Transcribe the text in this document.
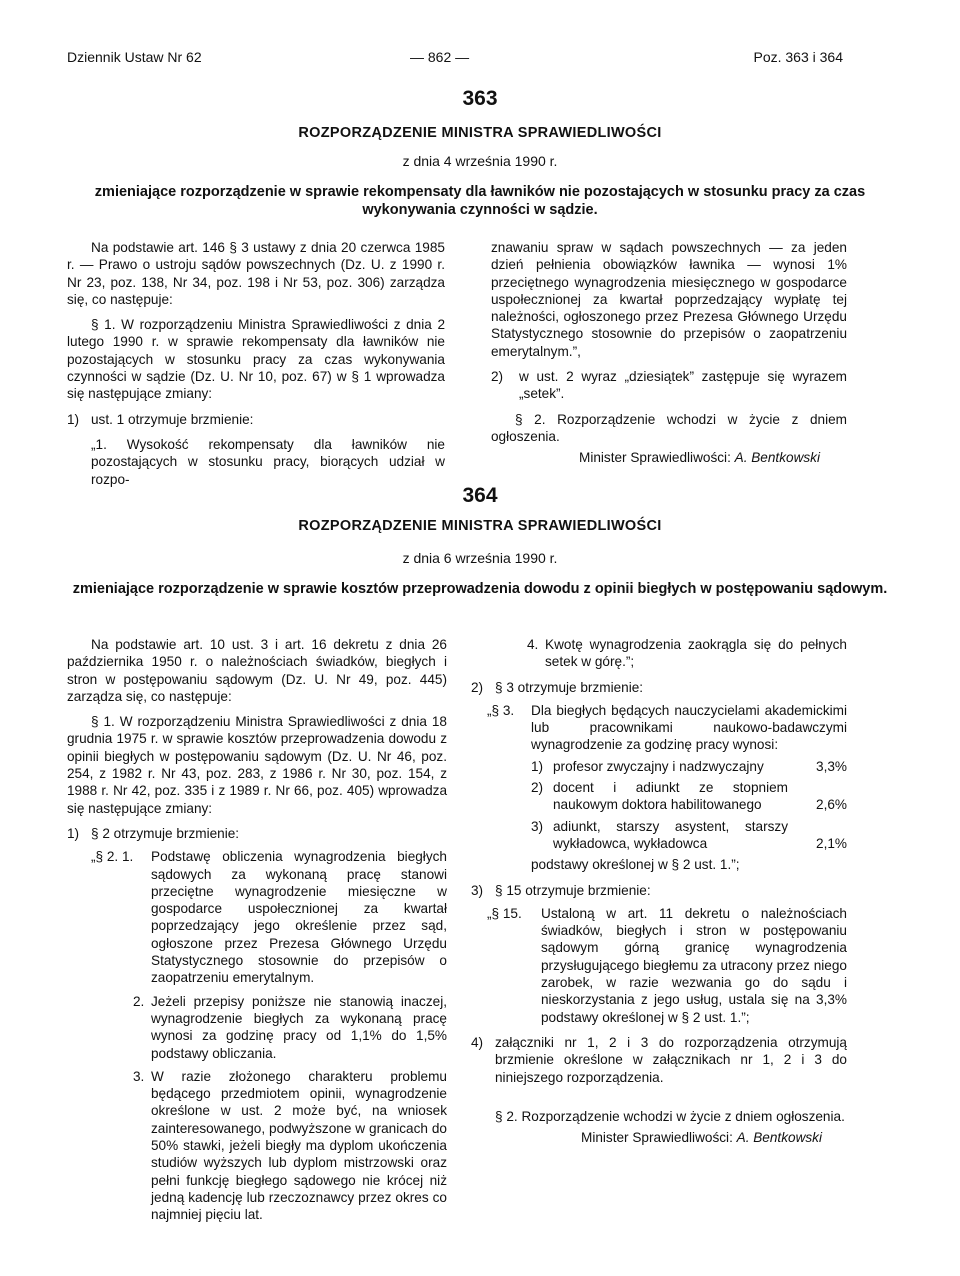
Dziennik Ustaw Nr 62	— 862 —	Poz. 363 i 364
363
ROZPORZĄDZENIE MINISTRA SPRAWIEDLIWOŚCI
z dnia 4 września 1990 r.
zmieniające rozporządzenie w sprawie rekompensaty dla ławników nie pozostających w stosunku pracy za czas wykonywania czynności w sądzie.

Na podstawie art. 146 § 3 ustawy z dnia 20 czerwca 1985 r. — Prawo o ustroju sądów powszechnych (Dz. U. z 1990 r. Nr 23, poz. 138, Nr 34, poz. 198 i Nr 53, poz. 306) zarządza się, co następuje:

§ 1. W rozporządzeniu Ministra Sprawiedliwości z dnia 2 lutego 1990 r. w sprawie rekompensaty dla ławników nie pozostających w stosunku pracy za czas wykonywania czynności w sądzie (Dz. U. Nr 10, poz. 67) w § 1 wprowadza się następujące zmiany:

1) ust. 1 otrzymuje brzmienie:

„1. Wysokość rekompensaty dla ławników nie pozostających w stosunku pracy, biorących udział w rozpo-

znawaniu spraw w sądach powszechnych — za jeden dzień pełnienia obowiązków ławnika — wynosi 1% przeciętnego wynagrodzenia miesięcznego w gospodarce uspołecznionej za kwartał poprzedzający wypłatę tej należności, ogłoszonego przez Prezesa Głównego Urzędu Statystycznego stosownie do przepisów o zaopatrzeniu emerytalnym.”,

2)	w ust. 2 wyraz „dziesiątek” zastępuje się wyrazem „setek”.

§ 2. Rozporządzenie wchodzi w życie z dniem ogłoszenia.

Minister Sprawiedliwości: A. Bentkowski
364
ROZPORZĄDZENIE MINISTRA SPRAWIEDLIWOŚCI
z dnia 6 września 1990 r.
zmieniające rozporządzenie w sprawie kosztów przeprowadzenia dowodu z opinii biegłych w postępowaniu sądowym.

Na podstawie art. 10 ust. 3 i art. 16 dekretu z dnia 26 października 1950 r. o należnościach świadków, biegłych i stron w postępowaniu sądowym (Dz. U. Nr 49, poz. 445) zarządza się, co następuje:

§ 1. W rozporządzeniu Ministra Sprawiedliwości z dnia 18 grudnia 1975 r. w sprawie kosztów przeprowadzenia dowodu z opinii biegłych w postępowaniu sądowym (Dz. U. Nr 46, poz. 254, z 1982 r. Nr 43, poz. 283, z 1986 r. Nr 30, poz. 154, z 1988 r. Nr 42, poz. 335 i z 1989 r. Nr 66, poz. 405) wprowadza się następujące zmiany:

1) § 2 otrzymuje brzmienie:
„§ 2. 1.	Podstawę obliczenia wynagrodzenia biegłych sądowych za wykonaną pracę stanowi przeciętne wynagrodzenie miesięczne w gospodarce uspołecznionej za kwartał poprzedzający jego określenie przez sąd, ogłoszone przez Prezesa Głównego Urzędu Statystycznego stosownie do przepisów o zaopatrzeniu emerytalnym.
2. Jeżeli przepisy poniższe nie stanowią inaczej, wynagrodzenie biegłych za wykonaną pracę wynosi za godzinę pracy od 1,1% do 1,5% podstawy obliczania.
3. W razie złożonego charakteru problemu będącego przedmiotem opinii, wynagrodzenie określone w ust. 2 może być, na wniosek zainteresowanego, podwyższone w granicach do 50% stawki, jeżeli biegły ma dyplom ukończenia studiów wyższych lub dyplom mistrzowski oraz pełni funkcję biegłego sądowego nie krócej niż jedną kadencję lub rzeczoznawcy przez okres co najmniej pięciu lat.
4. Kwotę wynagrodzenia zaokrągla się do pełnych setek w górę.”;
2) § 3 otrzymuje brzmienie:
„§ 3.	Dla biegłych będących nauczycielami akademickimi lub pracownikami naukowo-badawczymi wynagrodzenie za godzinę pracy wynosi:
1) profesor zwyczajny i nadzwyczajny	3,3%
2) docent i adiunkt ze stopniem naukowym doktora habilitowanego	2,6%
3) adiunkt, starszy asystent, starszy wykładowca, wykładowca	2,1%

podstawy określonej w § 2 ust. 1.”;

3) § 15 otrzymuje brzmienie:
„§ 15.	Ustaloną w art. 11 dekretu o należnościach świadków, biegłych i stron w postępowaniu sądowym górną granicę wynagrodzenia przysługującego biegłemu za utracony przez niego zarobek, w razie wezwania go do sądu i nieskorzystania z jego usług, ustala się na 3,3% podstawy określonej w § 2 ust. 1.”;
4) załączniki nr 1, 2 i 3 do rozporządzenia otrzymują brzmienie określone w załącznikach nr 1, 2 i 3 do niniejszego rozporządzenia.

§ 2. Rozporządzenie wchodzi w życie z dniem ogłoszenia.

Minister Sprawiedliwości: A. Bentkowski
